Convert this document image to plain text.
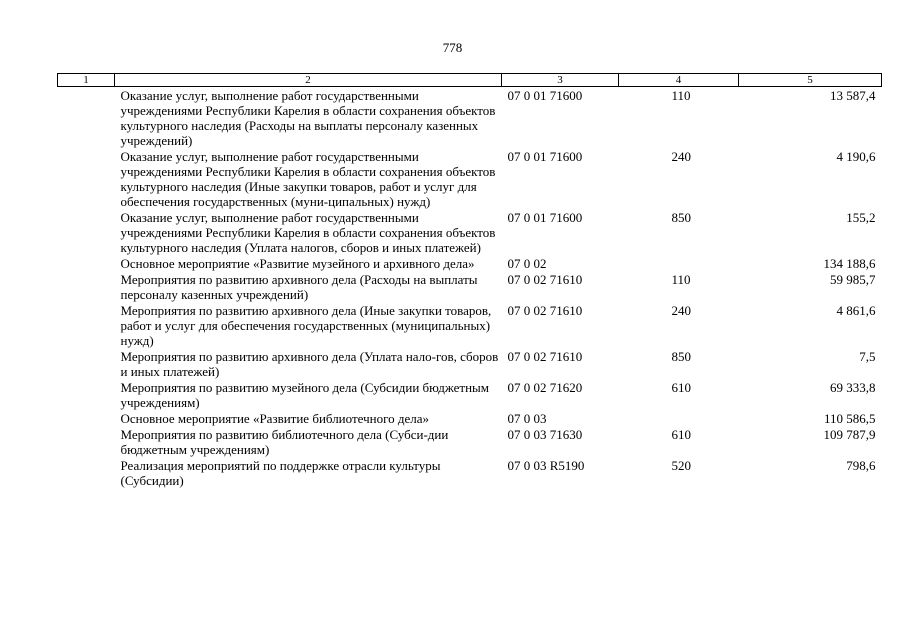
778
1	2	3	4	5
	Оказание услуг, выполнение работ государственными учреждениями Республики Карелия в области сохранения объектов культурного наследия (Расходы на выплаты персоналу казенных учреждений)	07 0 01 71600	110	13 587,4
	Оказание услуг, выполнение работ государственными учреждениями Республики Карелия в области сохранения объектов культурного наследия (Иные закупки товаров, работ и услуг для обеспечения государственных (муни-ципальных) нужд)	07 0 01 71600	240	4 190,6
	Оказание услуг, выполнение работ государственными учреждениями Республики Карелия в области сохранения объектов культурного наследия (Уплата налогов, сборов и иных платежей)	07 0 01 71600	850	155,2
	Основное мероприятие «Развитие музейного и архивного дела»	07 0 02		134 188,6
	Мероприятия по развитию архивного дела (Расходы на выплаты персоналу казенных учреждений)	07 0 02 71610	110	59 985,7
	Мероприятия по развитию архивного дела (Иные закупки товаров, работ и услуг для обеспечения государственных (муниципальных) нужд)	07 0 02 71610	240	4 861,6
	Мероприятия по развитию архивного дела (Уплата нало-гов, сборов и иных платежей)	07 0 02 71610	850	7,5
	Мероприятия по развитию музейного дела (Субсидии бюджетным учреждениям)	07 0 02 71620	610	69 333,8
	Основное мероприятие «Развитие библиотечного дела»	07 0 03		110 586,5
	Мероприятия по развитию библиотечного дела (Субси-дии бюджетным учреждениям)	07 0 03 71630	610	109 787,9
	Реализация мероприятий по поддержке отрасли культуры (Субсидии)	07 0 03 R5190	520	798,6
